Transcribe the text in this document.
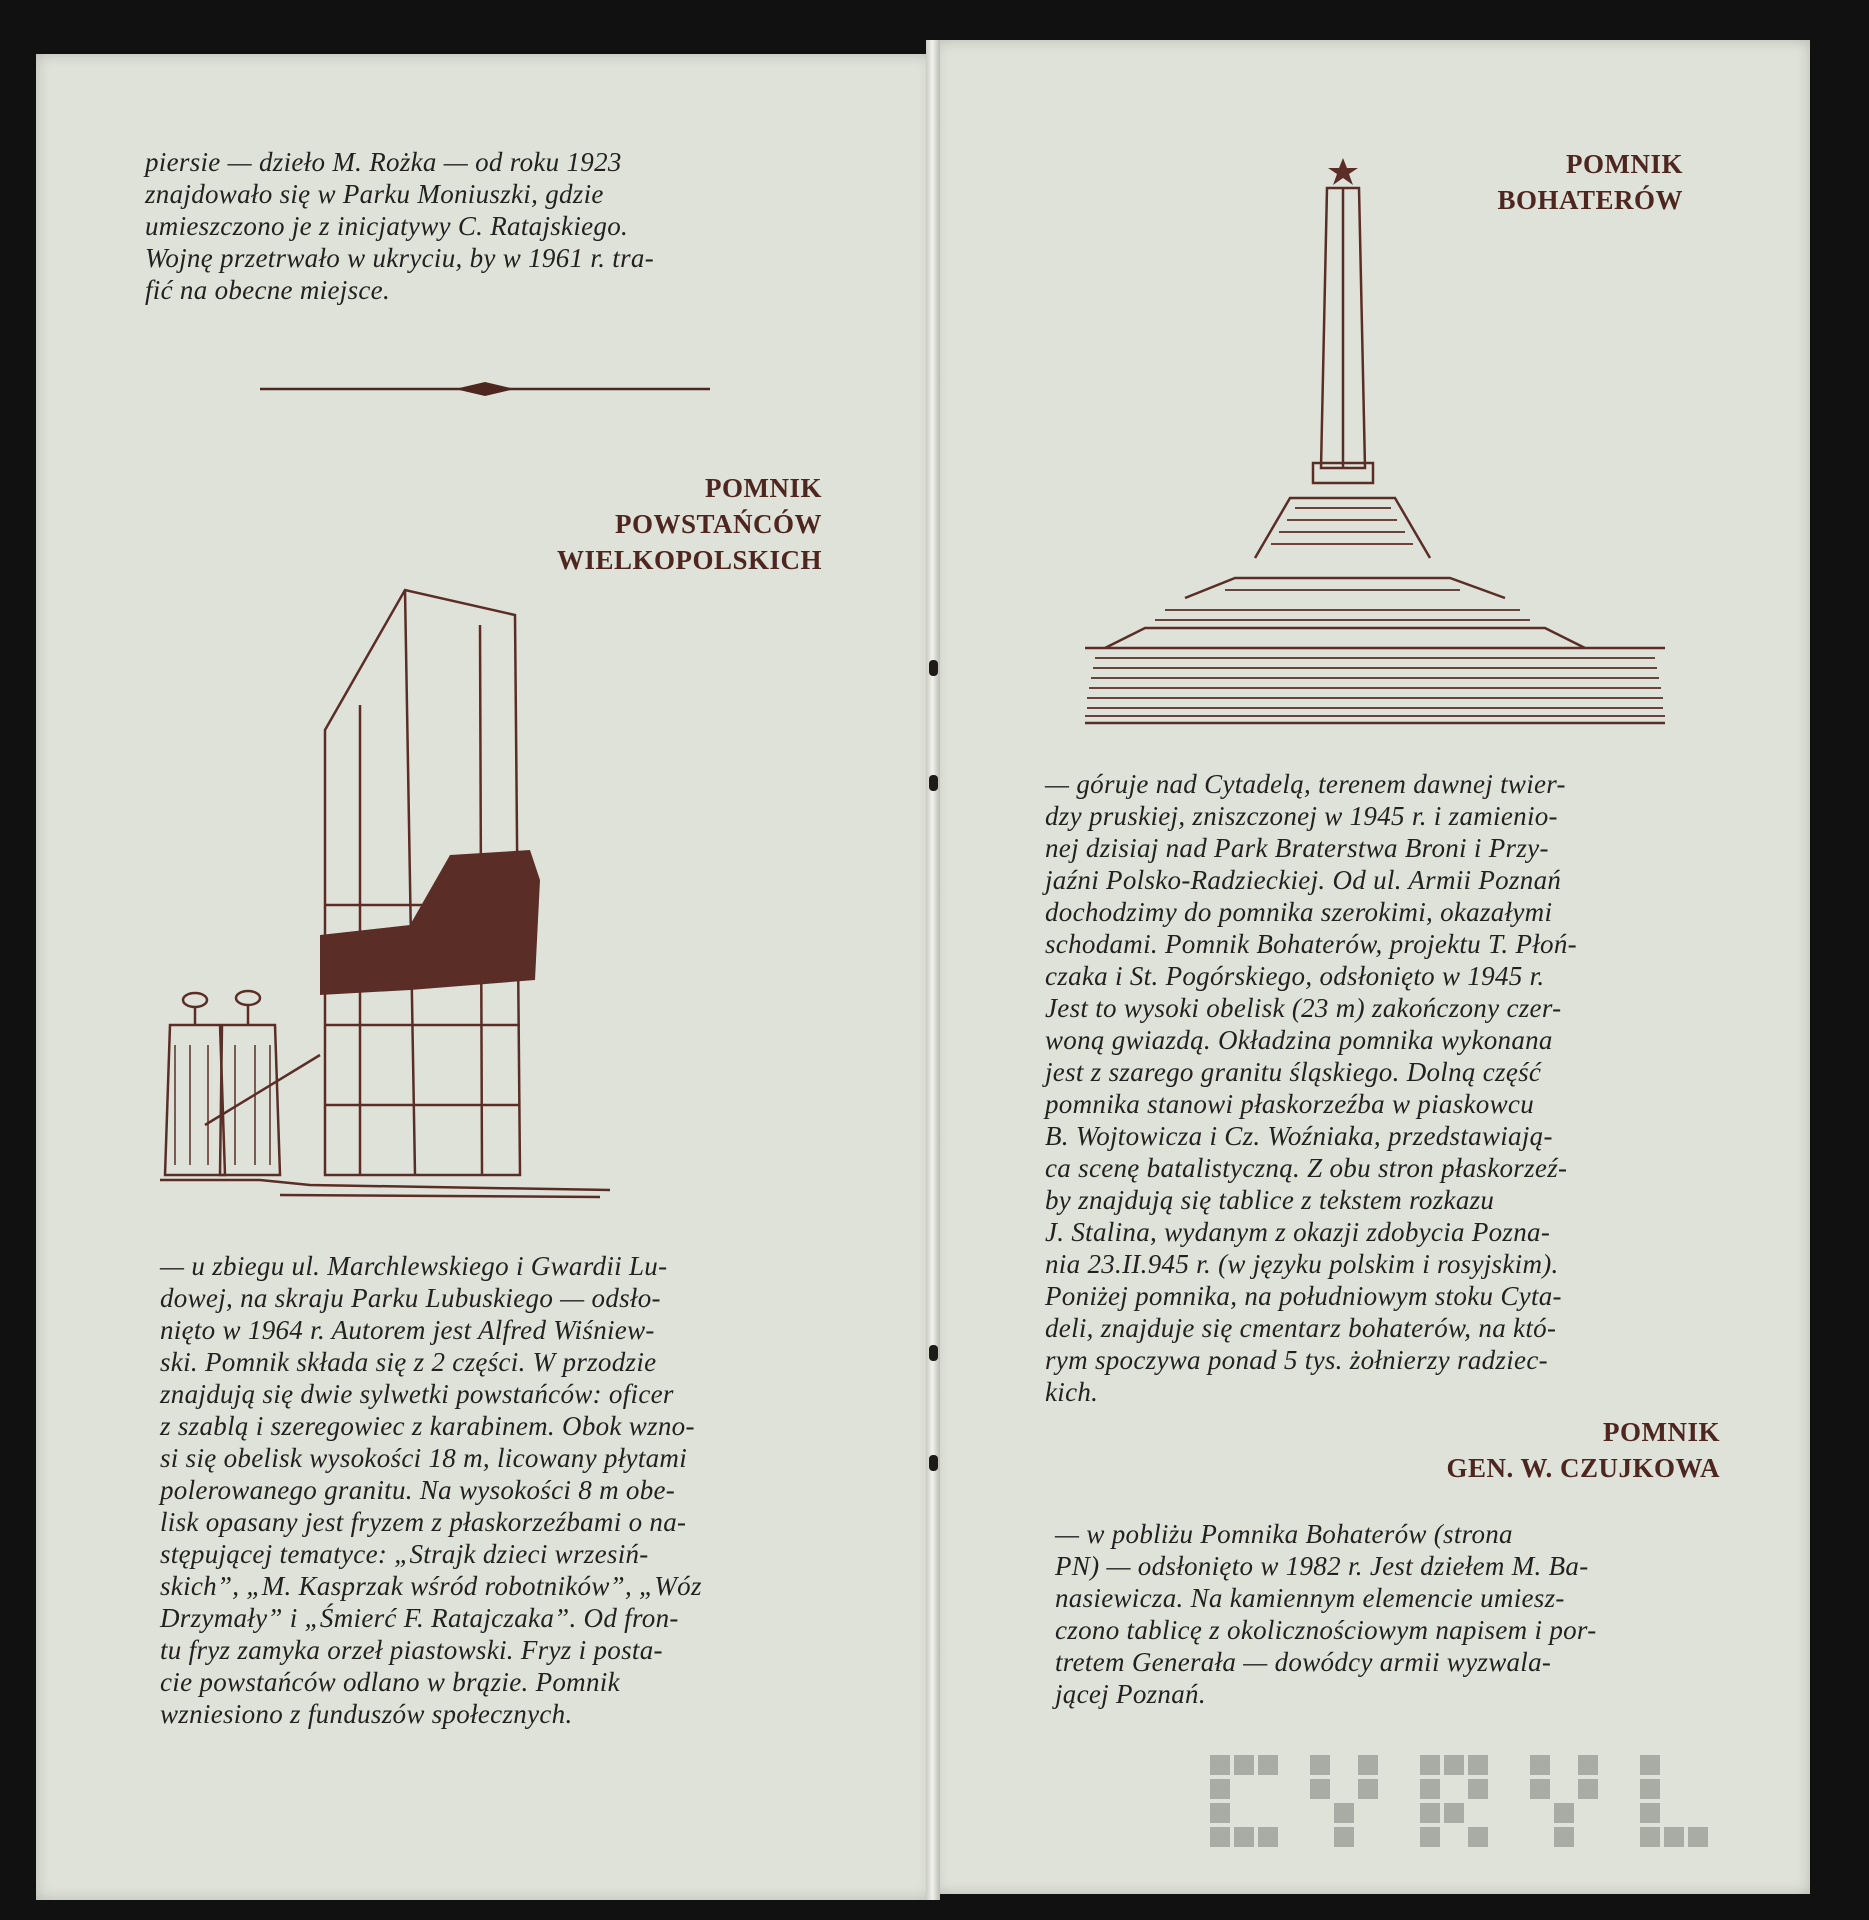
piersie — dzieło M. Rożka — od roku 1923
znajdowało się w Parku Moniuszki, gdzie
umieszczono je z inicjatywy C. Ratajskiego.
Wojnę przetrwało w ukryciu, by w 1961 r. tra-
fić na obecne miejsce.

POMNIK
POWSTAŃCÓW
WIELKOPOLSKICH

— u zbiegu ul. Marchlewskiego i Gwardii Lu-
dowej, na skraju Parku Lubuskiego — odsło-
nięto w 1964 r. Autorem jest Alfred Wiśniew-
ski. Pomnik składa się z 2 części. W przodzie
znajdują się dwie sylwetki powstańców: oficer
z szablą i szeregowiec z karabinem. Obok wzno-
si się obelisk wysokości 18 m, licowany płytami
polerowanego granitu. Na wysokości 8 m obe-
lisk opasany jest fryzem z płaskorzeźbami o na-
stępującej tematyce: „Strajk dzieci wrzesiń-
skich”, „M. Kasprzak wśród robotników”, „Wóz
Drzymały” i „Śmierć F. Ratajczaka”. Od fron-
tu fryz zamyka orzeł piastowski. Fryz i posta-
cie powstańców odlano w brązie. Pomnik
wzniesiono z funduszów społecznych.

POMNIK
BOHATERÓW

— góruje nad Cytadelą, terenem dawnej twier-
dzy pruskiej, zniszczonej w 1945 r. i zamienio-
nej dzisiaj nad Park Braterstwa Broni i Przy-
jaźni Polsko-Radzieckiej. Od ul. Armii Poznań
dochodzimy do pomnika szerokimi, okazałymi
schodami. Pomnik Bohaterów, projektu T. Płoń-
czaka i St. Pogórskiego, odsłonięto w 1945 r.
Jest to wysoki obelisk (23 m) zakończony czer-
woną gwiazdą. Okładzina pomnika wykonana
jest z szarego granitu śląskiego. Dolną część
pomnika stanowi płaskorzeźba w piaskowcu
B. Wojtowicza i Cz. Woźniaka, przedstawiają-
ca scenę batalistyczną. Z obu stron płaskorzeź-
by znajdują się tablice z tekstem rozkazu
J. Stalina, wydanym z okazji zdobycia Pozna-
nia 23.II.945 r. (w języku polskim i rosyjskim).
Poniżej pomnika, na południowym stoku Cyta-
deli, znajduje się cmentarz bohaterów, na któ-
rym spoczywa ponad 5 tys. żołnierzy radziec-
kich.

POMNIK
GEN. W. CZUJKOWA

— w pobliżu Pomnika Bohaterów (strona
PN) — odsłonięto w 1982 r. Jest dziełem M. Ba-
nasiewicza. Na kamiennym elemencie umiesz-
czono tablicę z okolicznościowym napisem i por-
tretem Generała — dowódcy armii wyzwala-
jącej Poznań.
